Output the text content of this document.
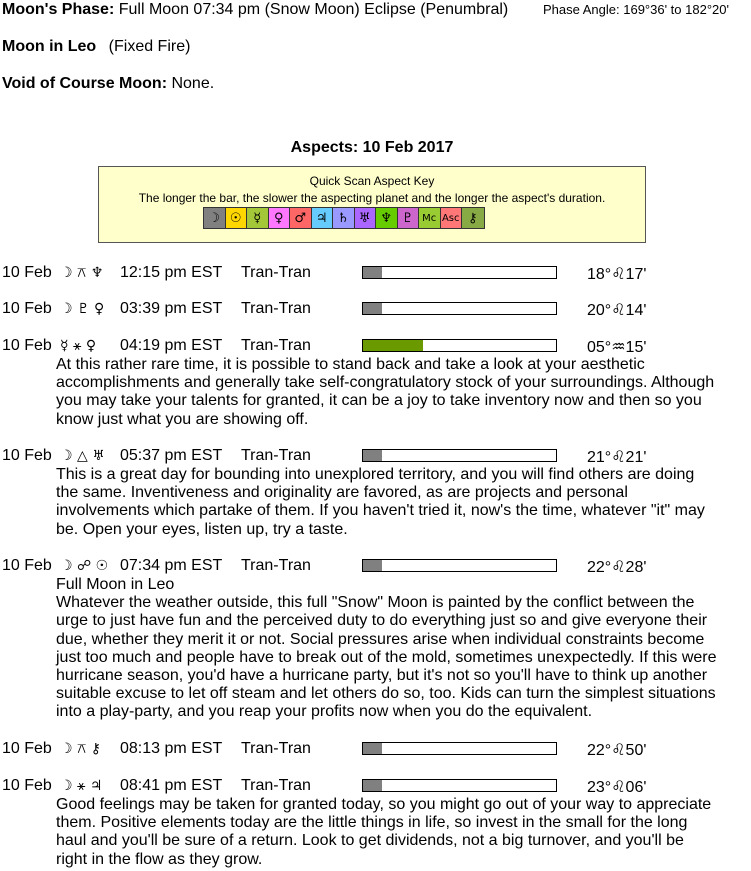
Moon's Phase: Full Moon 07:34 pm (Snow Moon) Eclipse (Penumbral)	Phase Angle: 169°36' to 182°20'
Moon in Leo (Fixed Fire)
Void of Course Moon: None.
Aspects: 10 Feb 2017
Quick Scan Aspect Key
The longer the bar, the slower the aspecting planet and the longer the aspect's duration.
☽ ☉ ☿ ♀ ♂ ♃ ♄ ♅ ♆ ♇ Mc Asc ⚷
10 Feb ☽ ⚻ ♆ 12:15 pm EST Tran-Tran	18°♌17'
10 Feb ☽ ♇ ♀ 03:39 pm EST Tran-Tran	20°♌14'
10 Feb ☿ ⚹ ♀ 04:19 pm EST Tran-Tran	05°♒15'
At this rather rare time, it is possible to stand back and take a look at your aesthetic
accomplishments and generally take self-congratulatory stock of your surroundings. Although
you may take your talents for granted, it can be a joy to take inventory now and then so you
know just what you are showing off.
10 Feb ☽ △ ♅ 05:37 pm EST Tran-Tran	21°♌21'
This is a great day for bounding into unexplored territory, and you will find others are doing
the same. Inventiveness and originality are favored, as are projects and personal
involvements which partake of them. If you haven't tried it, now's the time, whatever "it" may
be. Open your eyes, listen up, try a taste.
10 Feb ☽ ☍ ☉ 07:34 pm EST Tran-Tran	22°♌28'
Full Moon in Leo
Whatever the weather outside, this full "Snow" Moon is painted by the conflict between the
urge to just have fun and the perceived duty to do everything just so and give everyone their
due, whether they merit it or not. Social pressures arise when individual constraints become
just too much and people have to break out of the mold, sometimes unexpectedly. If this were
hurricane season, you'd have a hurricane party, but it's not so you'll have to think up another
suitable excuse to let off steam and let others do so, too. Kids can turn the simplest situations
into a play-party, and you reap your profits now when you do the equivalent.
10 Feb ☽ ⚻ ⚷ 08:13 pm EST Tran-Tran	22°♌50'
10 Feb ☽ ⚹ ♃ 08:41 pm EST Tran-Tran	23°♌06'
Good feelings may be taken for granted today, so you might go out of your way to appreciate
them. Positive elements today are the little things in life, so invest in the small for the long
haul and you'll be sure of a return. Look to get dividends, not a big turnover, and you'll be
right in the flow as they grow.
